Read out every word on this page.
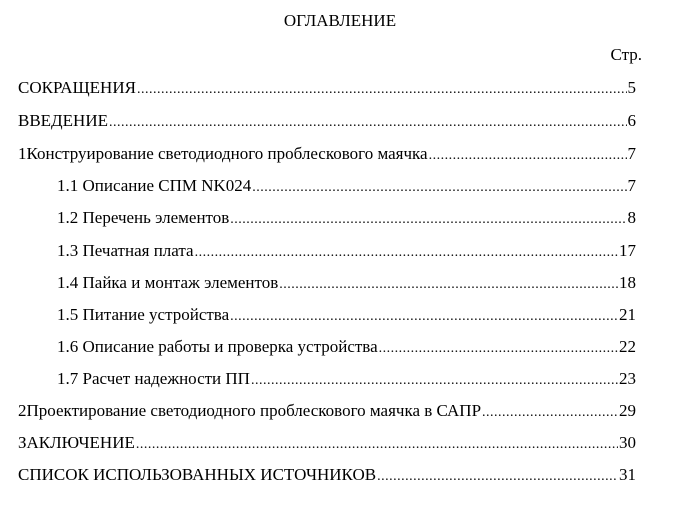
ОГЛАВЛЕНИЕ
Стр.
СОКРАЩЕНИЯ .....	5
ВВЕДЕНИЕ .....	6
1 Конструирование светодиодного проблескового маячка .....	7
1.1 Описание СПМ NK024 .....	7
1.2 Перечень элементов .....	8
1.3 Печатная плата .....	17
1.4 Пайка и монтаж элементов .....	18
1.5 Питание устройства .....	21
1.6 Описание работы и проверка устройства .....	22
1.7 Расчет надежности ПП .....	23
2 Проектирование светодиодного проблескового маячка в САПР .....	29
ЗАКЛЮЧЕНИЕ .....	30
СПИСОК ИСПОЛЬЗОВАННЫХ ИСТОЧНИКОВ .....	31
